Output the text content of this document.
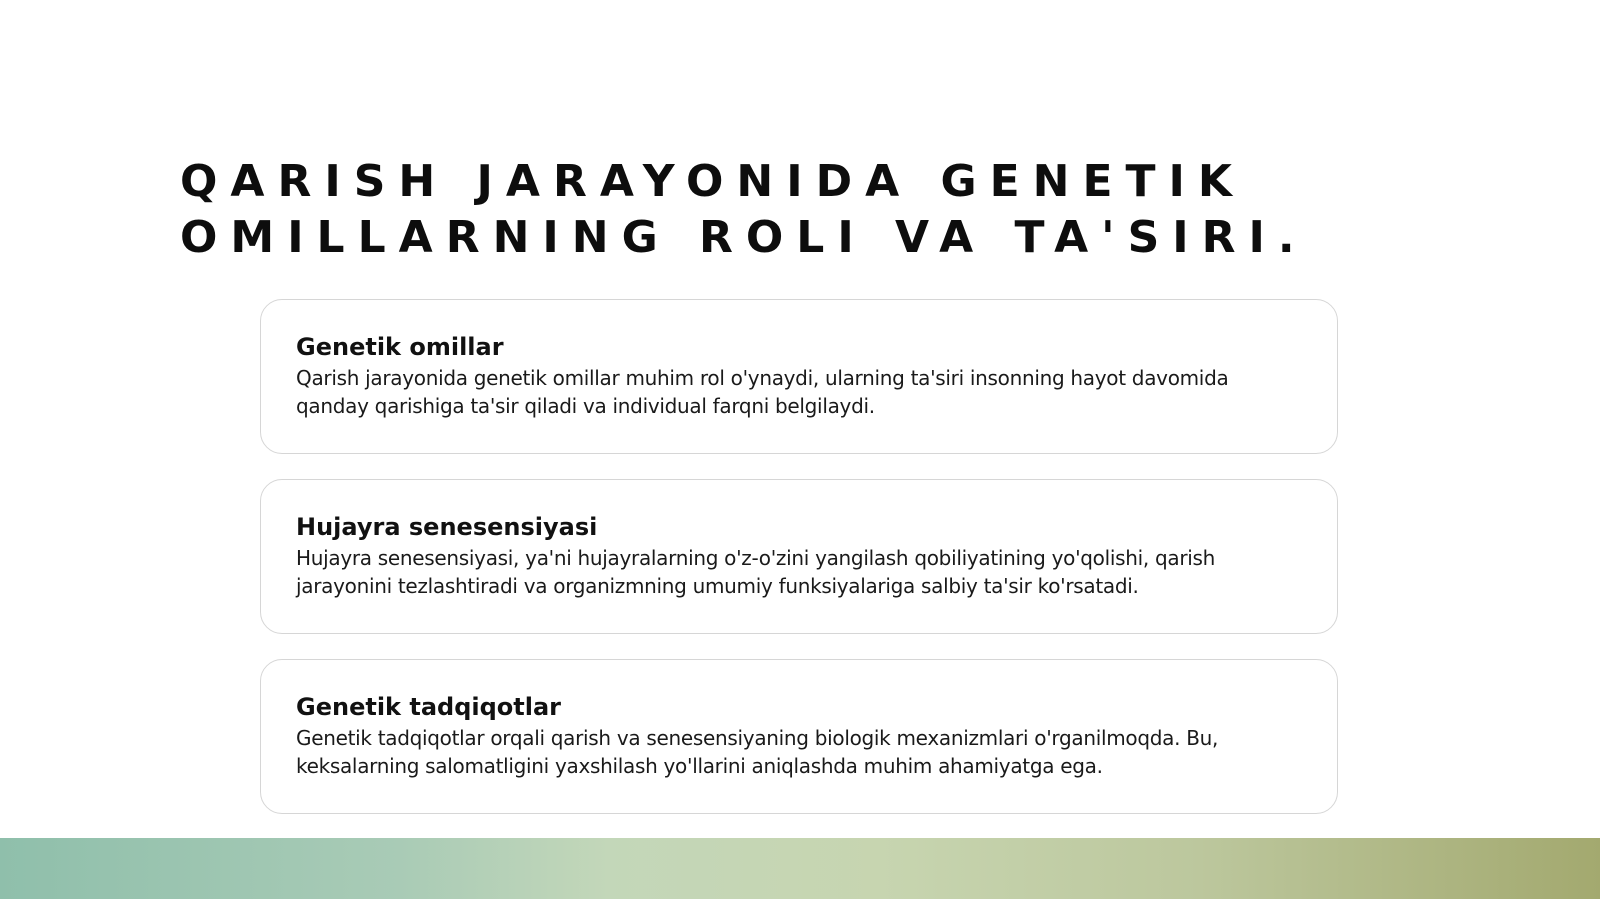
QARISH JARAYONIDA GENETIK
OMILLARNING ROLI VA TA'SIRI.

Genetik omillar

Qarish jarayonida genetik omillar muhim rol o'ynaydi, ularning ta'siri insonning hayot davomida qanday qarishiga ta'sir qiladi va individual farqni belgilaydi.

Hujayra senesensiyasi

Hujayra senesensiyasi, ya'ni hujayralarning o'z-o'zini yangilash qobiliyatining yo'qolishi, qarish jarayonini tezlashtiradi va organizmning umumiy funksiyalariga salbiy ta'sir ko'rsatadi.

Genetik tadqiqotlar

Genetik tadqiqotlar orqali qarish va senesensiyaning biologik mexanizmlari o'rganilmoqda. Bu, keksalarning salomatligini yaxshilash yo'llarini aniqlashda muhim ahamiyatga ega.
